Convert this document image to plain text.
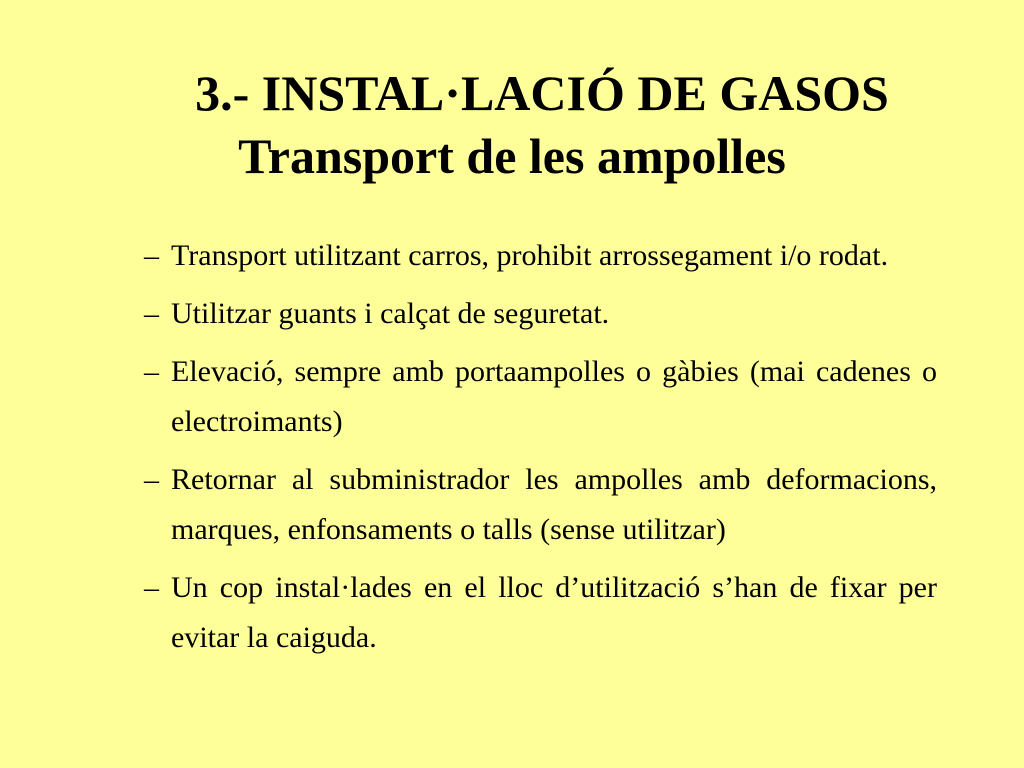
3.- INSTAL·LACIÓ DE GASOS
Transport de les ampolles
– Transport utilitzant carros, prohibit arrossegament i/o rodat.
– Utilitzar guants i calçat de seguretat.
– Elevació, sempre amb portaampolles o gàbies (mai cadenes o electroimants)
– Retornar al subministrador les ampolles amb deformacions, marques, enfonsaments o talls (sense utilitzar)
– Un cop instal·lades en el lloc d’utilització s’han de fixar per evitar la caiguda.
